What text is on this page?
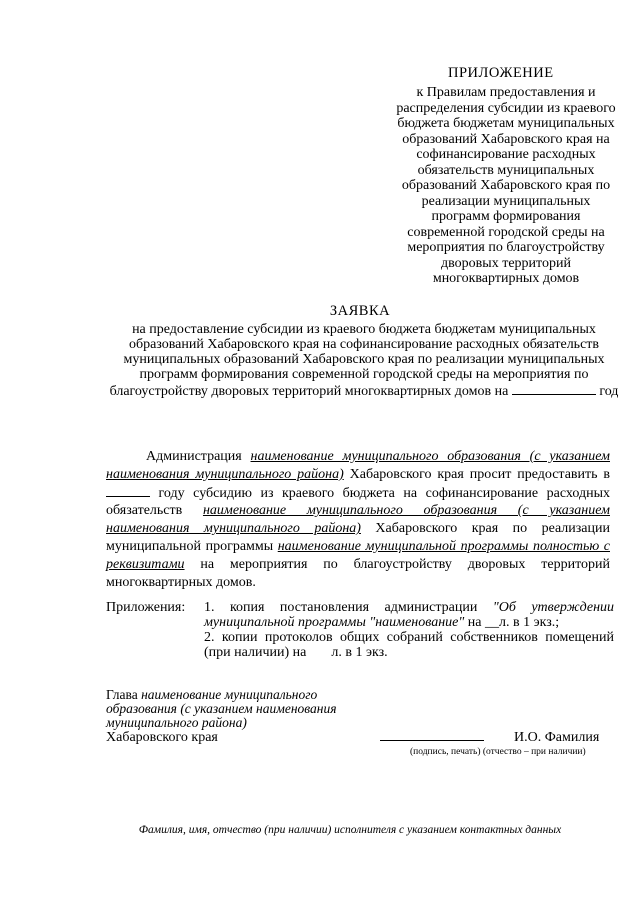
ПРИЛОЖЕНИЕ
к Правилам предоставления и распределения субсидии из краевого бюджета бюджетам муниципальных образований Хабаровского края на софинансирование расходных обязательств муниципальных образований Хабаровского края по реализации муниципальных программ формирования современной городской среды на мероприятия по благоустройству дворовых территорий многоквартирных домов
ЗАЯВКА
на предоставление субсидии из краевого бюджета бюджетам муниципальных образований Хабаровского края на софинансирование расходных обязательств муниципальных образований Хабаровского края по реализации муниципальных программ формирования современной городской среды на мероприятия по благоустройству дворовых территорий многоквартирных домов на	год
Администрация наименование муниципального образования (с указанием наименования муниципального района) Хабаровского края просит предоставить в  году субсидию из краевого бюджета на софинансирование расходных обязательств наименование муниципального образования (с указанием наименования муниципального района) Хабаровского края по реализации муниципальной программы наименование муниципальной программы полностью с реквизитами на мероприятия по благоустройству дворовых территорий многоквартирных домов.
Приложения: 1. копия постановления администрации "Об утверждении муниципальной программы "наименование" на __л. в 1 экз.;
2. копии протоколов общих собраний собственников помещений (при наличии) на л. в 1 экз.
Глава наименование муниципального образования (с указанием наименования муниципального района)
Хабаровского края	И.О. Фамилия
(подпись, печать) (отчество – при наличии)
Фамилия, имя, отчество (при наличии) исполнителя с указанием контактных данных
